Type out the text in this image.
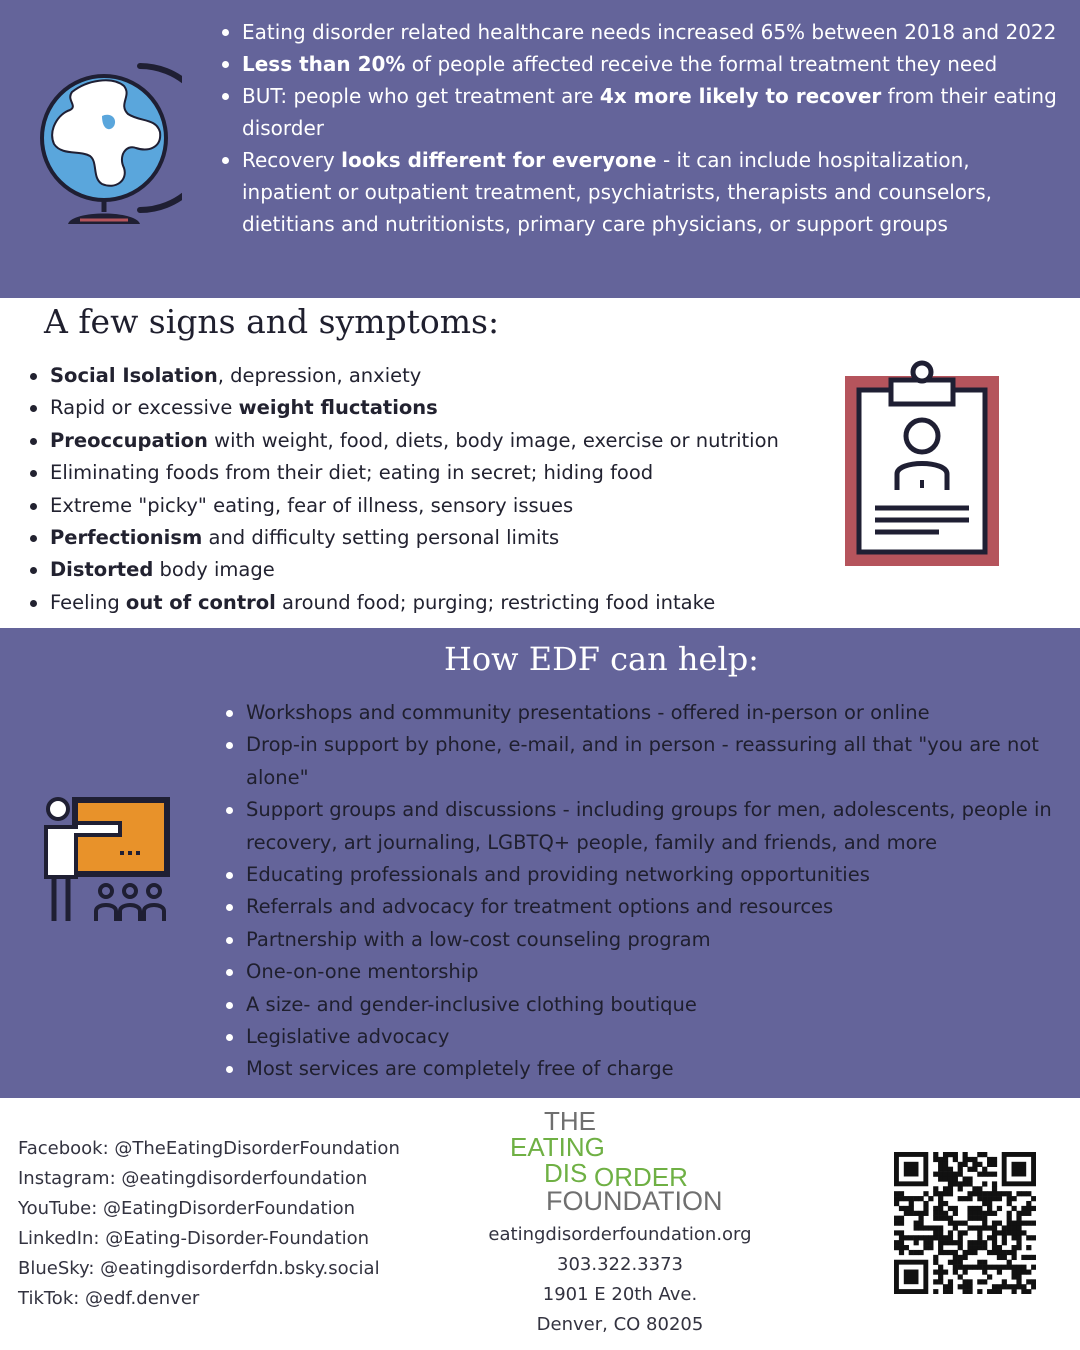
Eating disorder related healthcare needs increased 65% between 2018 and 2022
Less than 20% of people affected receive the formal treatment they need
BUT: people who get treatment are 4x more likely to recover from their eating disorder
Recovery looks different for everyone - it can include hospitalization, inpatient or outpatient treatment, psychiatrists, therapists and counselors, dietitians and nutritionists, primary care physicians, or support groups
A few signs and symptoms:
Social Isolation, depression, anxiety
Rapid or excessive weight fluctations
Preoccupation with weight, food, diets, body image, exercise or nutrition
Eliminating foods from their diet; eating in secret; hiding food
Extreme "picky" eating, fear of illness, sensory issues
Perfectionism and difficulty setting personal limits
Distorted body image
Feeling out of control around food; purging; restricting food intake
How EDF can help:
Workshops and community presentations - offered in-person or online
Drop-in support by phone, e-mail, and in person - reassuring all that "you are not alone"
Support groups and discussions - including groups for men, adolescents, people in recovery, art journaling, LGBTQ+ people, family and friends, and more
Educating professionals and providing networking opportunities
Referrals and advocacy for treatment options and resources
Partnership with a low-cost counseling program
One-on-one mentorship
A size- and gender-inclusive clothing boutique
Legislative advocacy
Most services are completely free of charge
Facebook: @TheEatingDisorderFoundation
Instagram: @eatingdisorderfoundation
YouTube: @EatingDisorderFoundation
LinkedIn: @Eating-Disorder-Foundation
BlueSky: @eatingdisorderfdn.bsky.social
TikTok: @edf.denver
THE
EATING
DIS ORDER
FOUNDATION
eatingdisorderfoundation.org
303.322.3373
1901 E 20th Ave.
Denver, CO 80205
